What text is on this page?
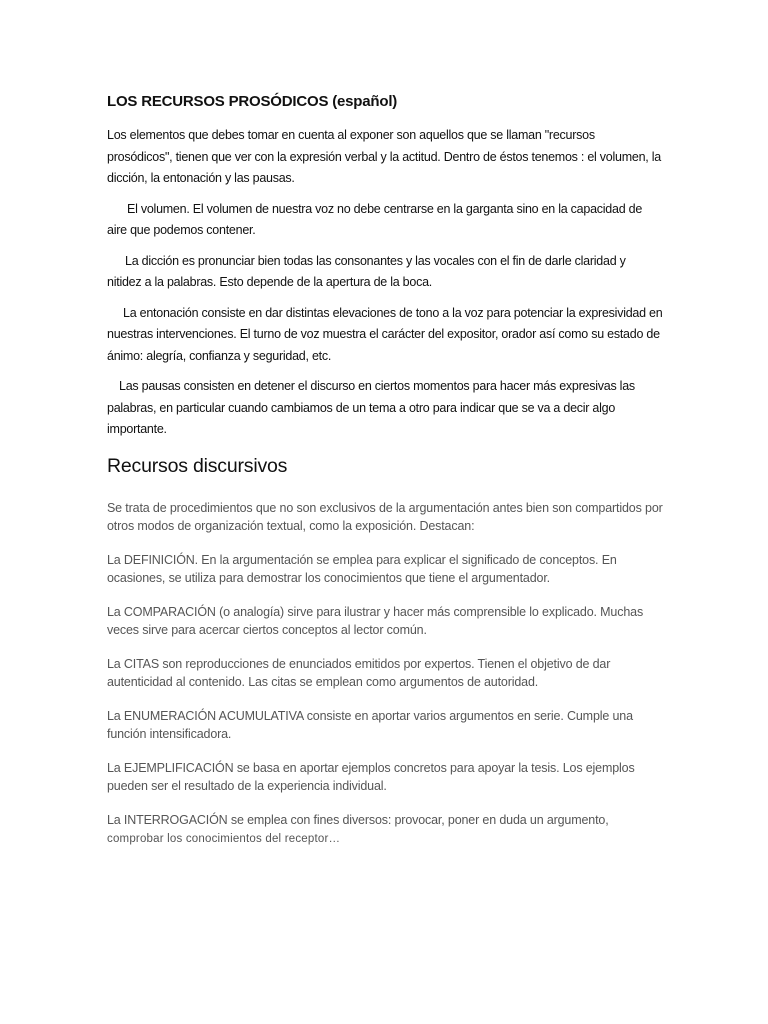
LOS RECURSOS PROSÓDICOS (español)

Los elementos que debes tomar en cuenta al exponer son aquellos que se llaman "recursos prosódicos", tienen que ver con la expresión verbal y la actitud. Dentro de éstos tenemos : el volumen, la dicción, la entonación y las pausas.

El volumen. El volumen de nuestra voz no debe centrarse en la garganta sino en la capacidad de aire que podemos contener.

La dicción es pronunciar bien todas las consonantes y las vocales con el fin de darle claridad y nitidez a la palabras. Esto depende de la apertura de la boca.

La entonación consiste en dar distintas elevaciones de tono a la voz para potenciar la expresividad en nuestras intervenciones. El turno de voz muestra el carácter del expositor, orador así como su estado de ánimo: alegría, confianza y seguridad, etc.

Las pausas consisten en detener el discurso en ciertos momentos para hacer más expresivas las palabras, en particular cuando cambiamos de un tema a otro para indicar que se va a decir algo importante.

Recursos discursivos

Se trata de procedimientos que no son exclusivos de la argumentación antes bien son compartidos por otros modos de organización textual, como la exposición. Destacan:

La DEFINICIÓN. En la argumentación se emplea para explicar el significado de conceptos. En ocasiones, se utiliza para demostrar los conocimientos que tiene el argumentador.

La COMPARACIÓN (o analogía) sirve para ilustrar y hacer más comprensible lo explicado. Muchas veces sirve para acercar ciertos conceptos al lector común.

La CITAS son reproducciones de enunciados emitidos por expertos. Tienen el objetivo de dar autenticidad al contenido. Las citas se emplean como argumentos de autoridad.

La ENUMERACIÓN ACUMULATIVA consiste en aportar varios argumentos en serie. Cumple una función intensificadora.

La EJEMPLIFICACIÓN se basa en aportar ejemplos concretos para apoyar la tesis. Los ejemplos pueden ser el resultado de la experiencia individual.

La INTERROGACIÓN se emplea con fines diversos: provocar, poner en duda un argumento,
comprobar los conocimientos del receptor…
